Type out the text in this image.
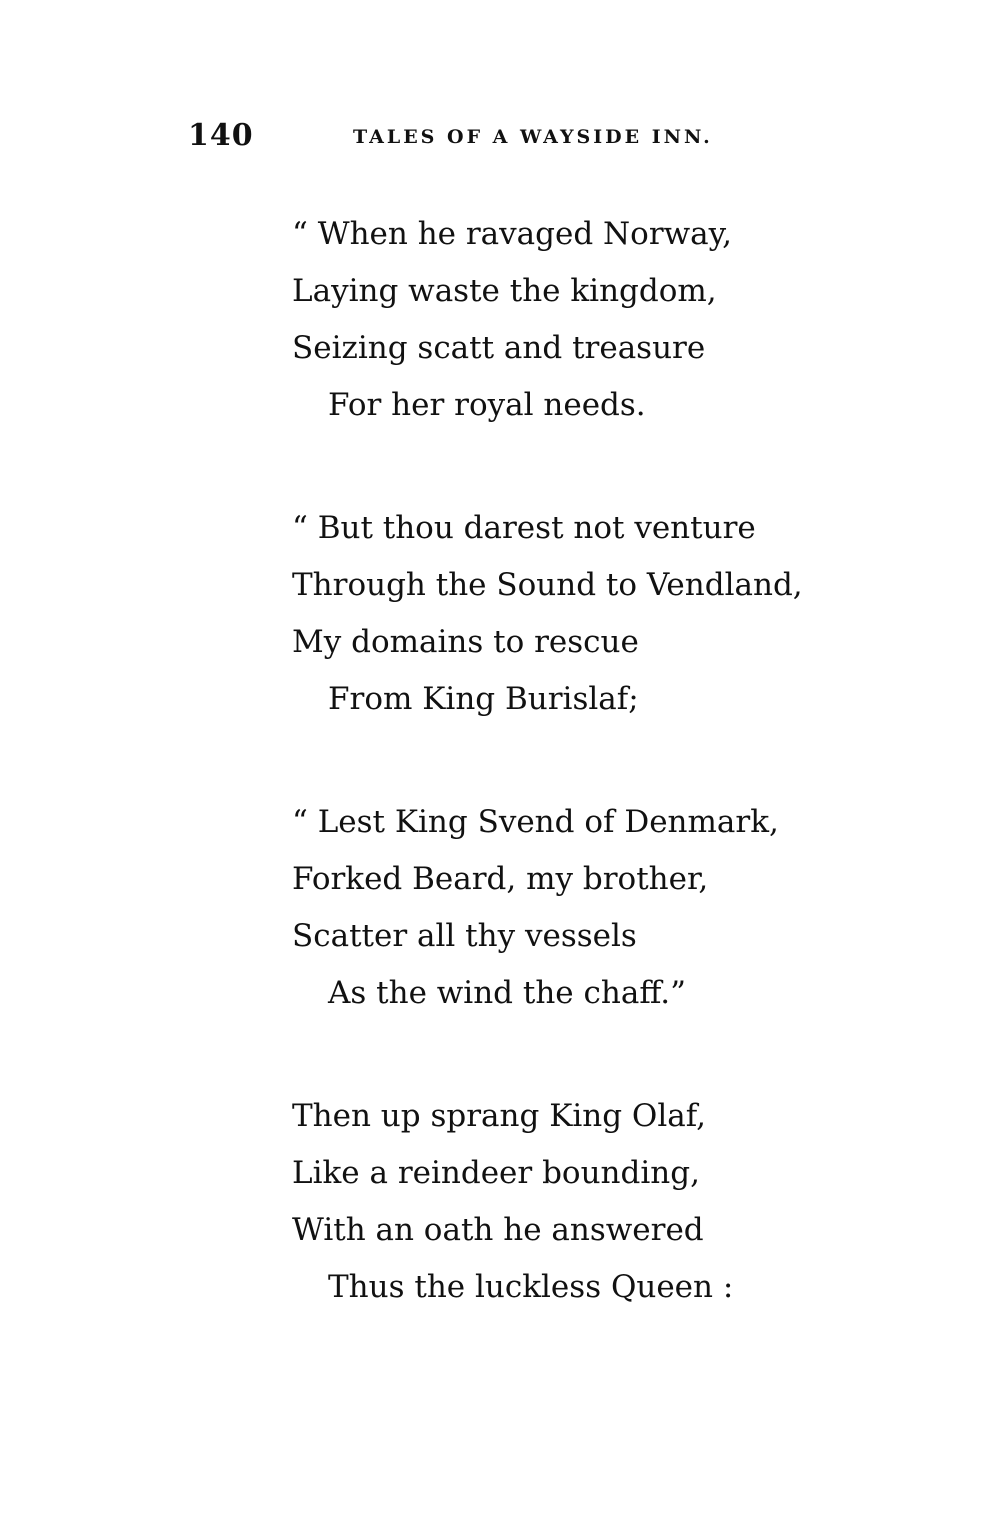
140	TALES OF A WAYSIDE INN.
“ When he ravaged Norway,
Laying waste the kingdom,
Seizing scatt and treasure
For her royal needs.
“ But thou darest not venture
Through the Sound to Vendland,
My domains to rescue
From King Burislaf;
“ Lest King Svend of Denmark,
Forked Beard, my brother,
Scatter all thy vessels
As the wind the chaff.”
Then up sprang King Olaf,
Like a reindeer bounding,
With an oath he answered
Thus the luckless Queen :
